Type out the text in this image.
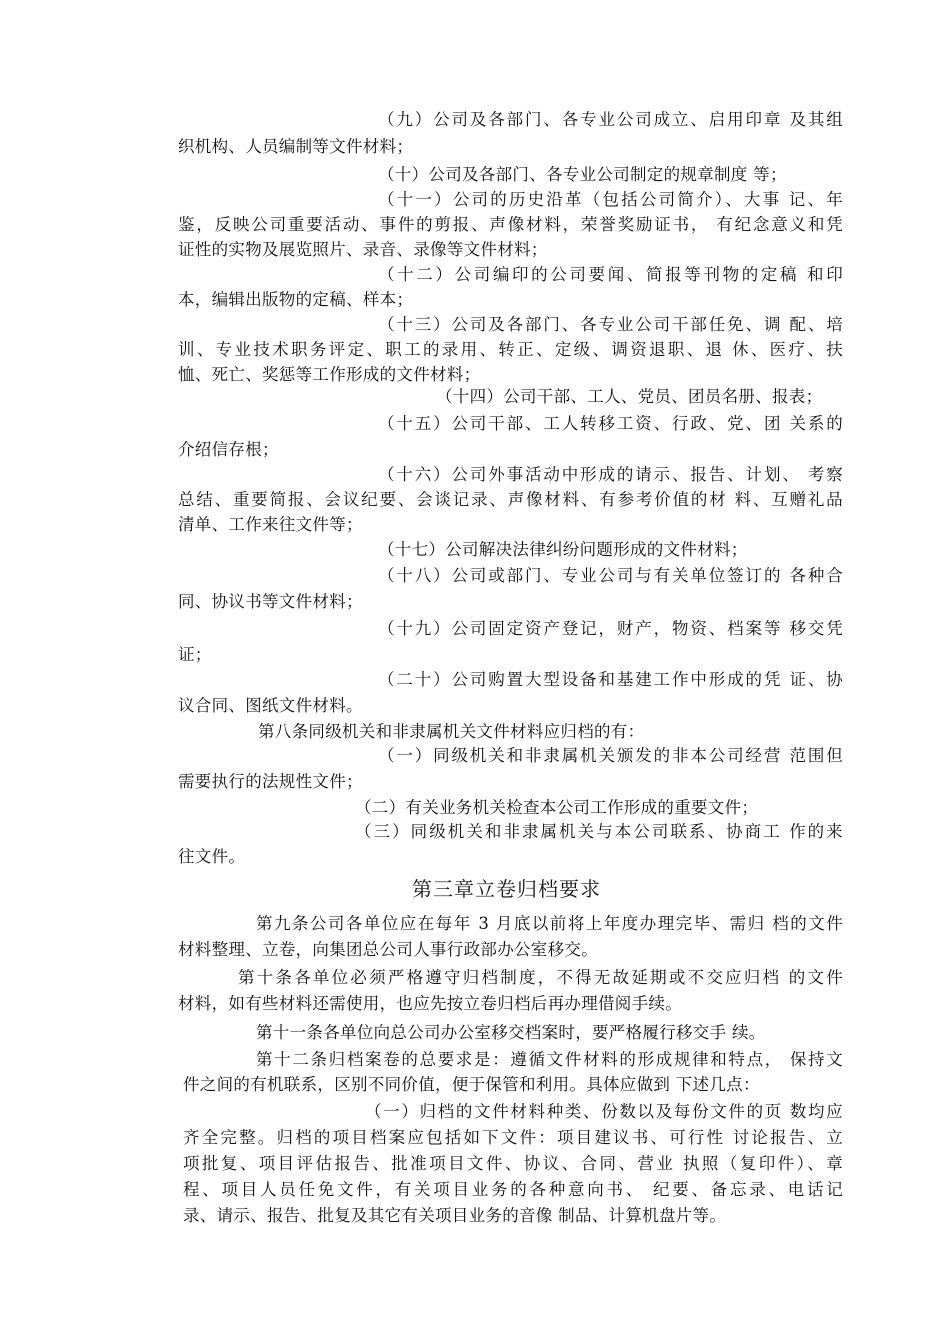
（九）公司及各部门、各专业公司成立、启用印章 及其组
织机构、人员编制等文件材料；
（十）公司及各部门、各专业公司制定的规章制度 等；
（十一）公司的历史沿革（包括公司简介）、大事 记、年
鉴，反映公司重要活动、事件的剪报、声像材料，荣誉奖励证书， 有纪念意义和凭
证性的实物及展览照片、录音、录像等文件材料；
（十二）公司编印的公司要闻、简报等刊物的定稿 和印
本，编辑出版物的定稿、样本；
（十三）公司及各部门、各专业公司干部任免、调 配、培
训、专业技术职务评定、职工的录用、转正、定级、调资退职、退 休、医疗、扶
恤、死亡、奖惩等工作形成的文件材料；
（十四）公司干部、工人、党员、团员名册、报表；
（十五）公司干部、工人转移工资、行政、党、团 关系的
介绍信存根；
（十六）公司外事活动中形成的请示、报告、计划、 考察
总结、重要简报、会议纪要、会谈记录、声像材料、有参考价值的材 料、互赠礼品
清单、工作来往文件等；
（十七）公司解决法律纠纷问题形成的文件材料；
（十八）公司或部门、专业公司与有关单位签订的 各种合
同、协议书等文件材料；
（十九）公司固定资产登记，财产，物资、档案等 移交凭
证；
（二十）公司购置大型设备和基建工作中形成的凭 证、协
议合同、图纸文件材料。
第八条同级机关和非隶属机关文件材料应归档的有：
（一）同级机关和非隶属机关颁发的非本公司经营 范围但
需要执行的法规性文件；
（二）有关业务机关检查本公司工作形成的重要文件；
（三）同级机关和非隶属机关与本公司联系、协商工 作的来
往文件。
第三章立卷归档要求
第九条公司各单位应在每年 3 月底以前将上年度办理完毕、需归 档的文件
材料整理、立卷，向集团总公司人事行政部办公室移交。
第十条各单位必须严格遵守归档制度，不得无故延期或不交应归档 的文件
材料，如有些材料还需使用，也应先按立卷归档后再办理借阅手续。
第十一条各单位向总公司办公室移交档案时，要严格履行移交手 续。
第十二条归档案卷的总要求是：遵循文件材料的形成规律和特点， 保持文
件之间的有机联系，区别不同价值，便于保管和利用。具体应做到 下述几点：
（一）归档的文件材料种类、份数以及每份文件的页 数均应
齐全完整。归档的项目档案应包括如下文件：项目建议书、可行性 讨论报告、立
项批复、项目评估报告、批准项目文件、协议、合同、营业 执照（复印件）、章
程、项目人员任免文件，有关项目业务的各种意向书、 纪要、备忘录、电话记
录、请示、报告、批复及其它有关项目业务的音像 制品、计算机盘片等。
